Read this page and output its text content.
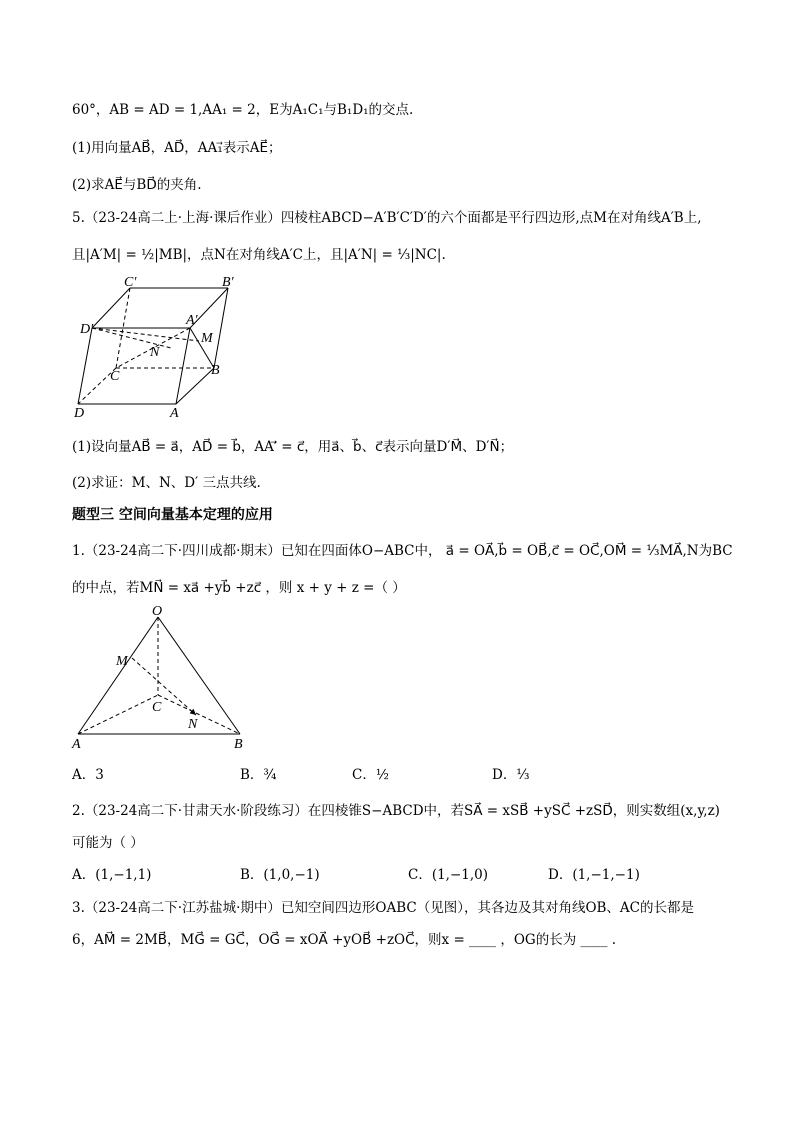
60°，AB = AD = 1,AA₁ = 2，E为A₁C₁与B₁D₁的交点.
(1)用向量AB⃗，AD⃗，AA₁⃗表示AE⃗；
(2)求AE⃗与BD⃗的夹角.
5.（23-24高二上·上海·课后作业）四棱柱ABCD−A′B′C′D′的六个面都是平行四边形,点M在对角线A′B上,
且|A′M| = ½|MB|，点N在对角线A′C上，且|A′N| = ⅓|NC|.
C′	B′
D′
A′
M
N
C	B
D	A
(1)设向量AB⃗ = a⃗，AD⃗ = b⃗，AA′⃗ = c⃗，用a⃗、b⃗、c⃗表示向量D′M⃗、D′N⃗；
(2)求证：M、N、D′ 三点共线.
题型三 空间向量基本定理的应用
1.（23-24高二下·四川成都·期末）已知在四面体O−ABC中， a⃗ = OA⃗,b⃗ = OB⃗,c⃗ = OC⃗,OM⃗ = ⅓MA⃗,N为BC
的中点，若MN⃗ = xa⃗ +yb⃗ +zc⃗ ，则 x + y + z =（ ）
O
M
C
N
A	B
A．3	B．¾	C．½	D．⅓
2.（23-24高二下·甘肃天水·阶段练习）在四棱锥S−ABCD中，若SA⃗ = xSB⃗ +ySC⃗ +zSD⃗，则实数组(x,y,z)
可能为（ ）
A．(1,−1,1)	B．(1,0,−1)	C．(1,−1,0)	D．(1,−1,−1)
3.（23-24高二下·江苏盐城·期中）已知空间四边形OABC（见图），其各边及其对角线OB、AC的长都是
6，AM⃗ = 2MB⃗，MG⃗ = GC⃗，OG⃗ = xOA⃗ +yOB⃗ +zOC⃗，则x = ____ ，OG的长为 ____ .
